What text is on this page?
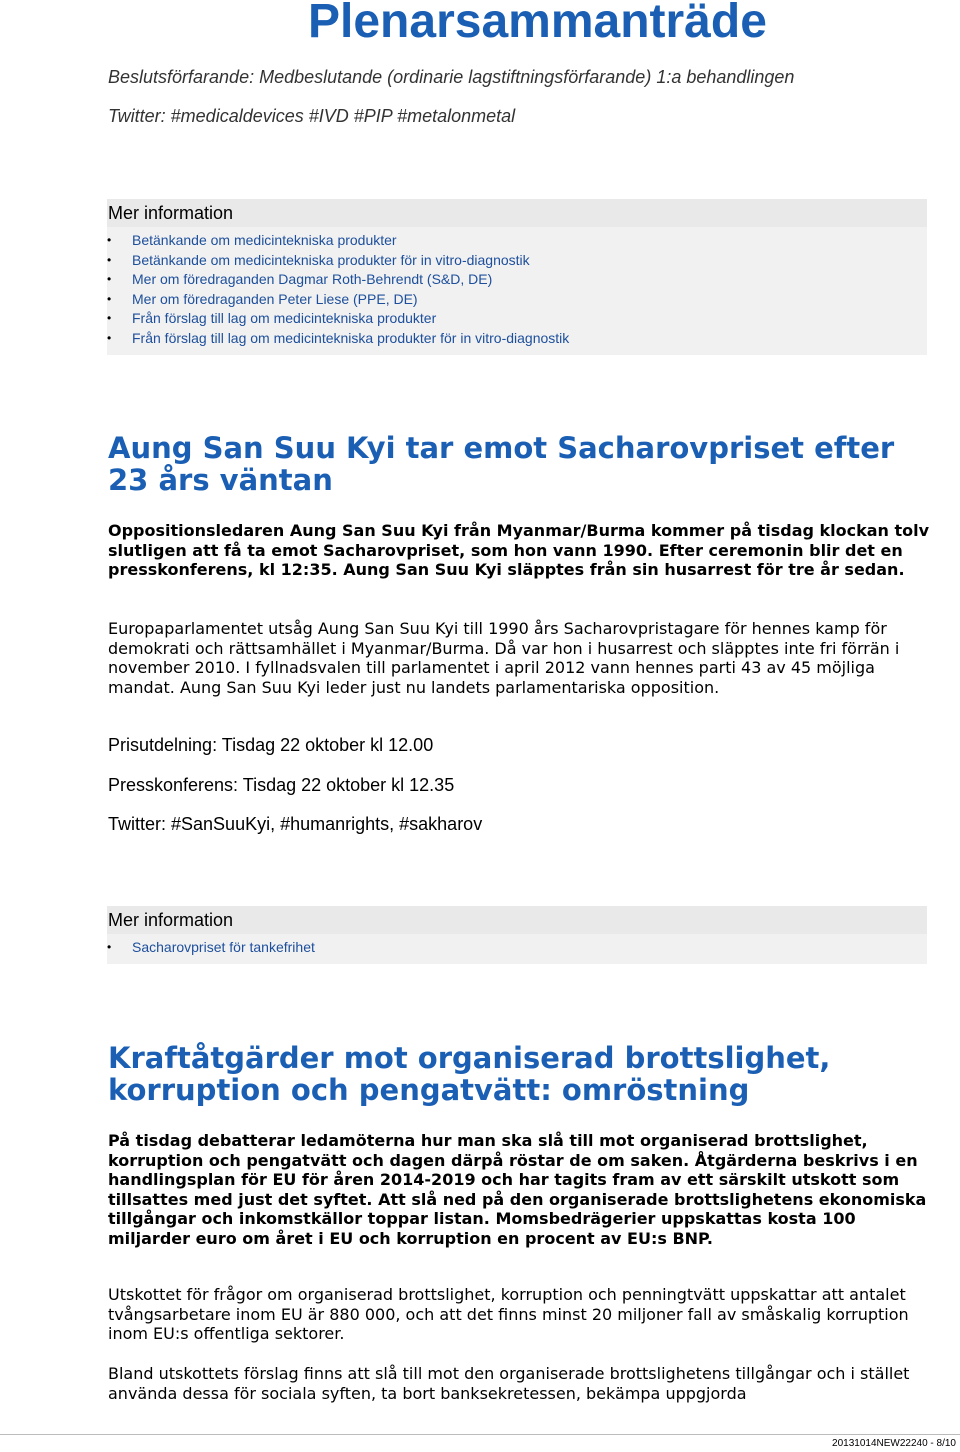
Plenarsammanträde

Beslutsförfarande: Medbeslutande (ordinarie lagstiftningsförfarande) 1:a behandlingen

Twitter: #medicaldevices #IVD #PIP #metalonmetal

Mer information
• Betänkande om medicintekniska produkter
• Betänkande om medicintekniska produkter för in vitro-diagnostik
• Mer om föredraganden Dagmar Roth-Behrendt (S&D, DE)
• Mer om föredraganden Peter Liese (PPE, DE)
• Från förslag till lag om medicintekniska produkter
• Från förslag till lag om medicintekniska produkter för in vitro-diagnostik
Aung San Suu Kyi tar emot Sacharovpriset efter 23 års väntan

Oppositionsledaren Aung San Suu Kyi från Myanmar/Burma kommer på tisdag klockan tolv slutligen att få ta emot Sacharovpriset, som hon vann 1990. Efter ceremonin blir det en presskonferens, kl 12:35. Aung San Suu Kyi släpptes från sin husarrest för tre år sedan.

Europaparlamentet utsåg Aung San Suu Kyi till 1990 års Sacharovpristagare för hennes kamp för demokrati och rättsamhället i Myanmar/Burma. Då var hon i husarrest och släpptes inte fri förrän i november 2010. I fyllnadsvalen till parlamentet i april 2012 vann hennes parti 43 av 45 möjliga mandat. Aung San Suu Kyi leder just nu landets parlamentariska opposition.

Prisutdelning: Tisdag 22 oktober kl 12.00

Presskonferens: Tisdag 22 oktober kl 12.35

Twitter: #SanSuuKyi, #humanrights, #sakharov

Mer information
• Sacharovpriset för tankefrihet
Kraftåtgärder mot organiserad brottslighet, korruption och pengatvätt: omröstning

På tisdag debatterar ledamöterna hur man ska slå till mot organiserad brottslighet, korruption och pengatvätt och dagen därpå röstar de om saken. Åtgärderna beskrivs i en handlingsplan för EU för åren 2014-2019 och har tagits fram av ett särskilt utskott som tillsattes med just det syftet. Att slå ned på den organiserade brottslighetens ekonomiska tillgångar och inkomstkällor toppar listan. Momsbedrägerier uppskattas kosta 100 miljarder euro om året i EU och korruption en procent av EU:s BNP.

Utskottet för frågor om organiserad brottslighet, korruption och penningtvätt uppskattar att antalet tvångsarbetare inom EU är 880 000, och att det finns minst 20 miljoner fall av småskalig korruption inom EU:s offentliga sektorer.

Bland utskottets förslag finns att slå till mot den organiserade brottslighetens tillgångar och i stället använda dessa för sociala syften, ta bort banksekretessen, bekämpa uppgjorda

20131014NEW22240 - 8/10
